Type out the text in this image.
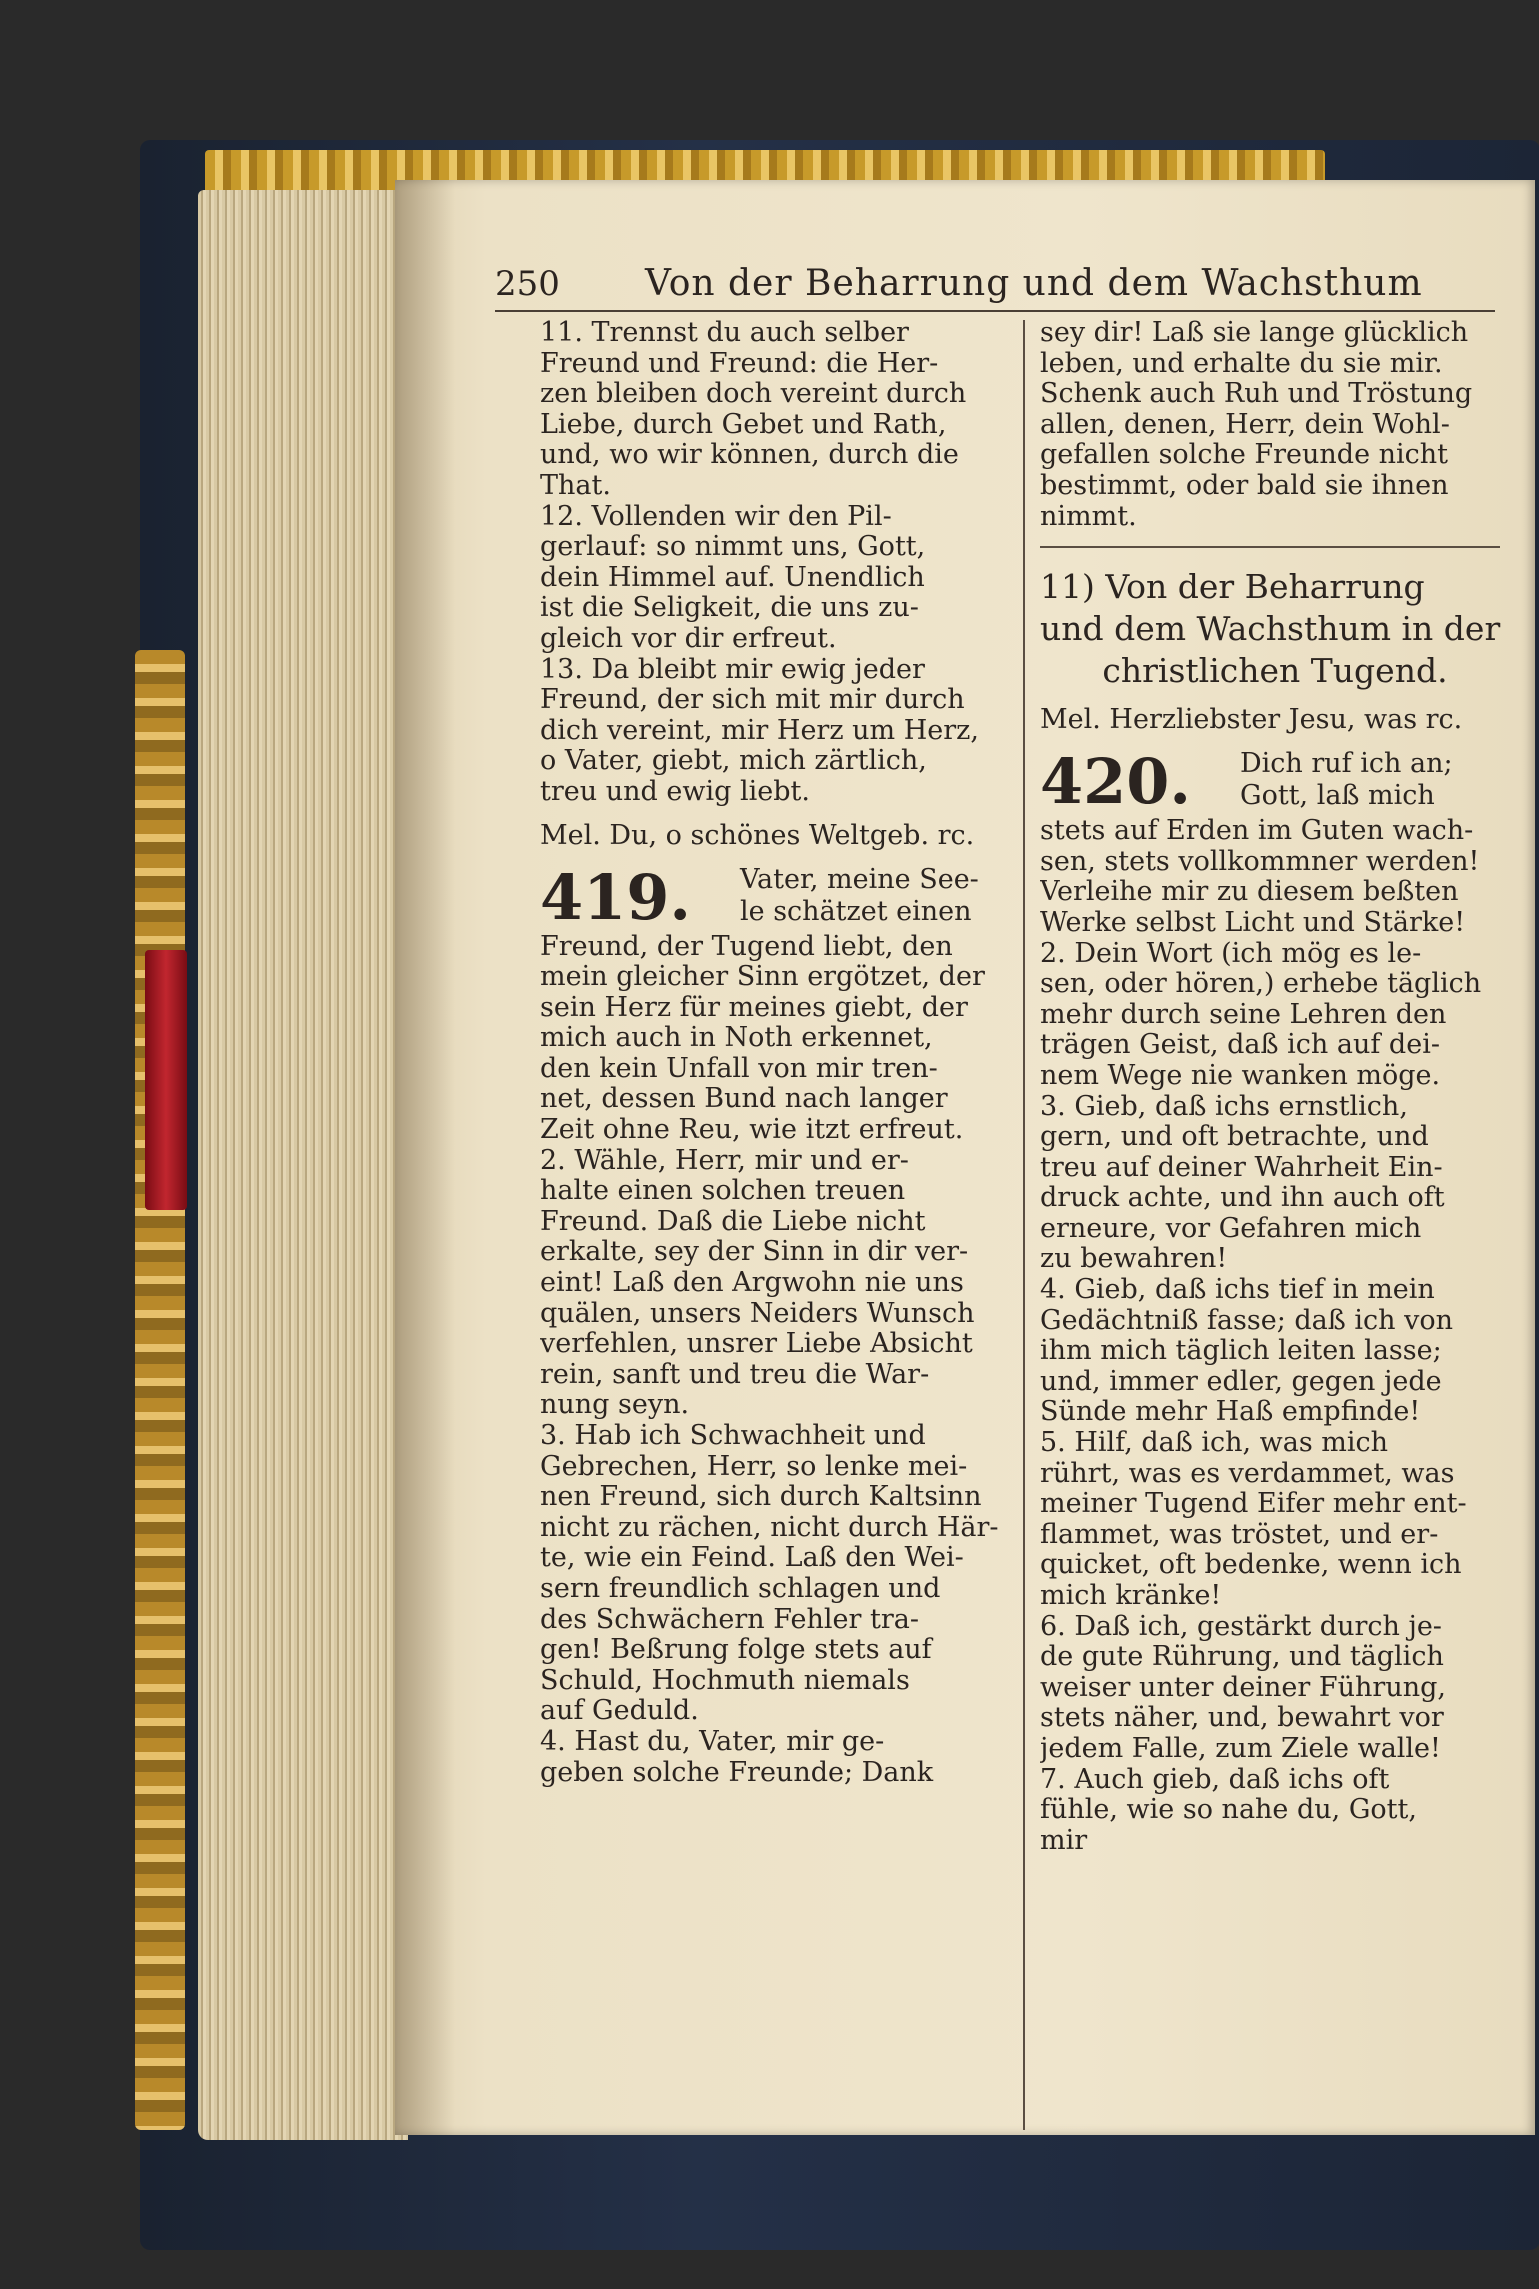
250 Von der Beharrung und dem Wachsthum
11. Trennst du auch selber
Freund und Freund: die Her-
zen bleiben doch vereint durch
Liebe, durch Gebet und Rath,
und, wo wir können, durch die
That.
12. Vollenden wir den Pil-
gerlauf: so nimmt uns, Gott,
dein Himmel auf. Unendlich
ist die Seligkeit, die uns zu-
gleich vor dir erfreut.
13. Da bleibt mir ewig jeder
Freund, der sich mit mir durch
dich vereint, mir Herz um Herz,
o Vater, giebt, mich zärtlich,
treu und ewig liebt.
Mel. Du, o schönes Weltgeb. rc.
419. Vater, meine See-
le schätzet einen
Freund, der Tugend liebt, den
mein gleicher Sinn ergötzet, der
sein Herz für meines giebt, der
mich auch in Noth erkennet,
den kein Unfall von mir tren-
net, dessen Bund nach langer
Zeit ohne Reu, wie itzt erfreut.
2. Wähle, Herr, mir und er-
halte einen solchen treuen
Freund. Daß die Liebe nicht
erkalte, sey der Sinn in dir ver-
eint! Laß den Argwohn nie uns
quälen, unsers Neiders Wunsch
verfehlen, unsrer Liebe Absicht
rein, sanft und treu die War-
nung seyn.
3. Hab ich Schwachheit und
Gebrechen, Herr, so lenke mei-
nen Freund, sich durch Kaltsinn
nicht zu rächen, nicht durch Här-
te, wie ein Feind. Laß den Wei-
sern freundlich schlagen und
des Schwächern Fehler tra-
gen! Beßrung folge stets auf
Schuld, Hochmuth niemals
auf Geduld.
4. Hast du, Vater, mir ge-
geben solche Freunde; Dank
sey dir! Laß sie lange glücklich
leben, und erhalte du sie mir.
Schenk auch Ruh und Tröstung
allen, denen, Herr, dein Wohl-
gefallen solche Freunde nicht
bestimmt, oder bald sie ihnen
nimmt.
11) Von der Beharrung
und dem Wachsthum in der
christlichen Tugend.
Mel. Herzliebster Jesu, was rc.
420. Dich ruf ich an;
Gott, laß mich
stets auf Erden im Guten wach-
sen, stets vollkommner werden!
Verleihe mir zu diesem beßten
Werke selbst Licht und Stärke!
2. Dein Wort (ich mög es le-
sen, oder hören,) erhebe täglich
mehr durch seine Lehren den
trägen Geist, daß ich auf dei-
nem Wege nie wanken möge.
3. Gieb, daß ichs ernstlich,
gern, und oft betrachte, und
treu auf deiner Wahrheit Ein-
druck achte, und ihn auch oft
erneure, vor Gefahren mich
zu bewahren!
4. Gieb, daß ichs tief in mein
Gedächtniß fasse; daß ich von
ihm mich täglich leiten lasse;
und, immer edler, gegen jede
Sünde mehr Haß empfinde!
5. Hilf, daß ich, was mich
rührt, was es verdammet, was
meiner Tugend Eifer mehr ent-
flammet, was tröstet, und er-
quicket, oft bedenke, wenn ich
mich kränke!
6. Daß ich, gestärkt durch je-
de gute Rührung, und täglich
weiser unter deiner Führung,
stets näher, und, bewahrt vor
jedem Falle, zum Ziele walle!
7. Auch gieb, daß ichs oft
fühle, wie so nahe du, Gott,
mir
